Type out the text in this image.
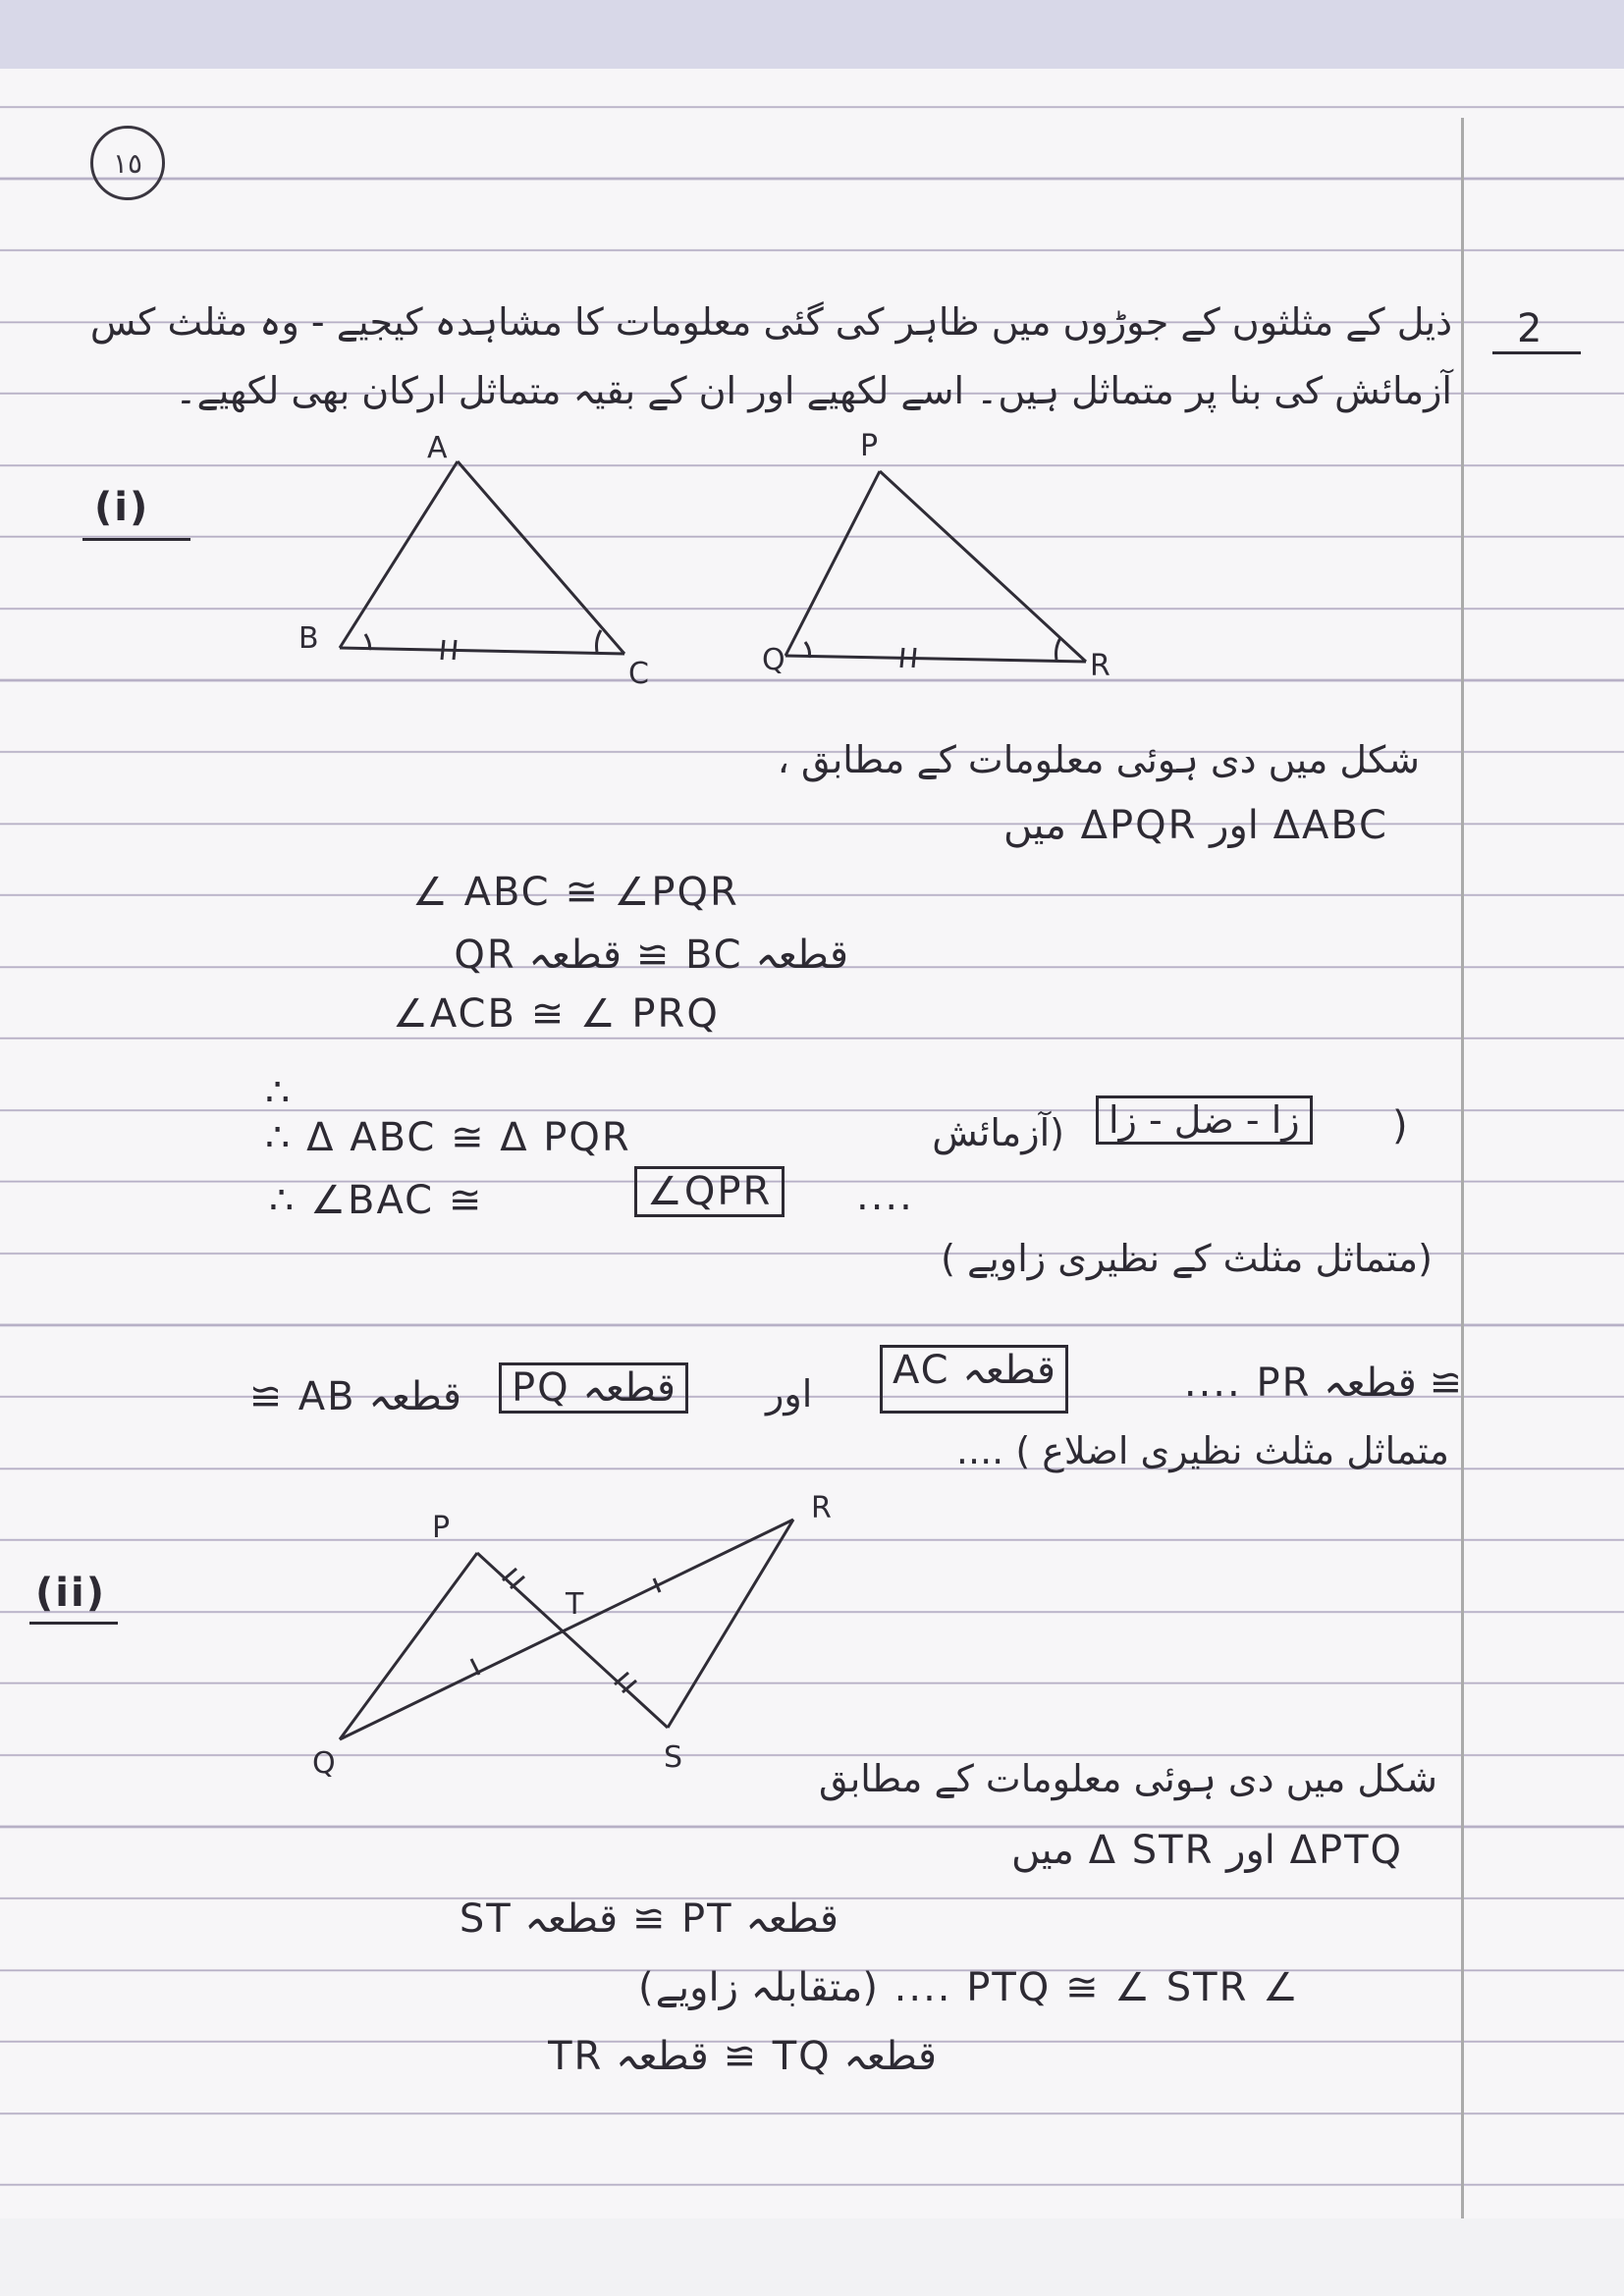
١٥
2
ذیل کے مثلثوں کے جوڑوں میں ظاہر کی گئی معلومات کا مشاہدہ کیجیے - وہ مثلث کس
آزمائش کی بنا پر متماثل ہیں۔ اسے لکھیے اور ان کے بقیہ متماثل ارکان بھی لکھیے۔
(i)
A
B
C
P
Q	R
P
Q
R
S
T
شکل میں دی ہوئی معلومات کے مطابق ،
ΔABC اور ΔPQR میں
∠ ABC ≅ ∠PQR
قطعہ BC ≅ قطعہ QR
∠ACB ≅ ∠ PRQ
∴
∴ Δ ABC ≅ Δ PQR	(آزمائش	زا - ضل - زا	)
∴ ∠BAC ≅	∠QPR	....
(متماثل مثلث کے نظیری زاویے )
قطعہ AB ≅	قطعہ PQ	اور
قطعہ AC	≅ قطعہ PR ....
متماثل مثلث نظیری اضلاع ) ....
(ii)
شکل میں دی ہوئی معلومات کے مطابق
ΔPTQ اور Δ STR میں
قطعہ PT ≅ قطعہ ST
∠ PTQ ≅ ∠ STR .... (متقابلہ زاویے)
قطعہ TQ ≅ قطعہ TR
